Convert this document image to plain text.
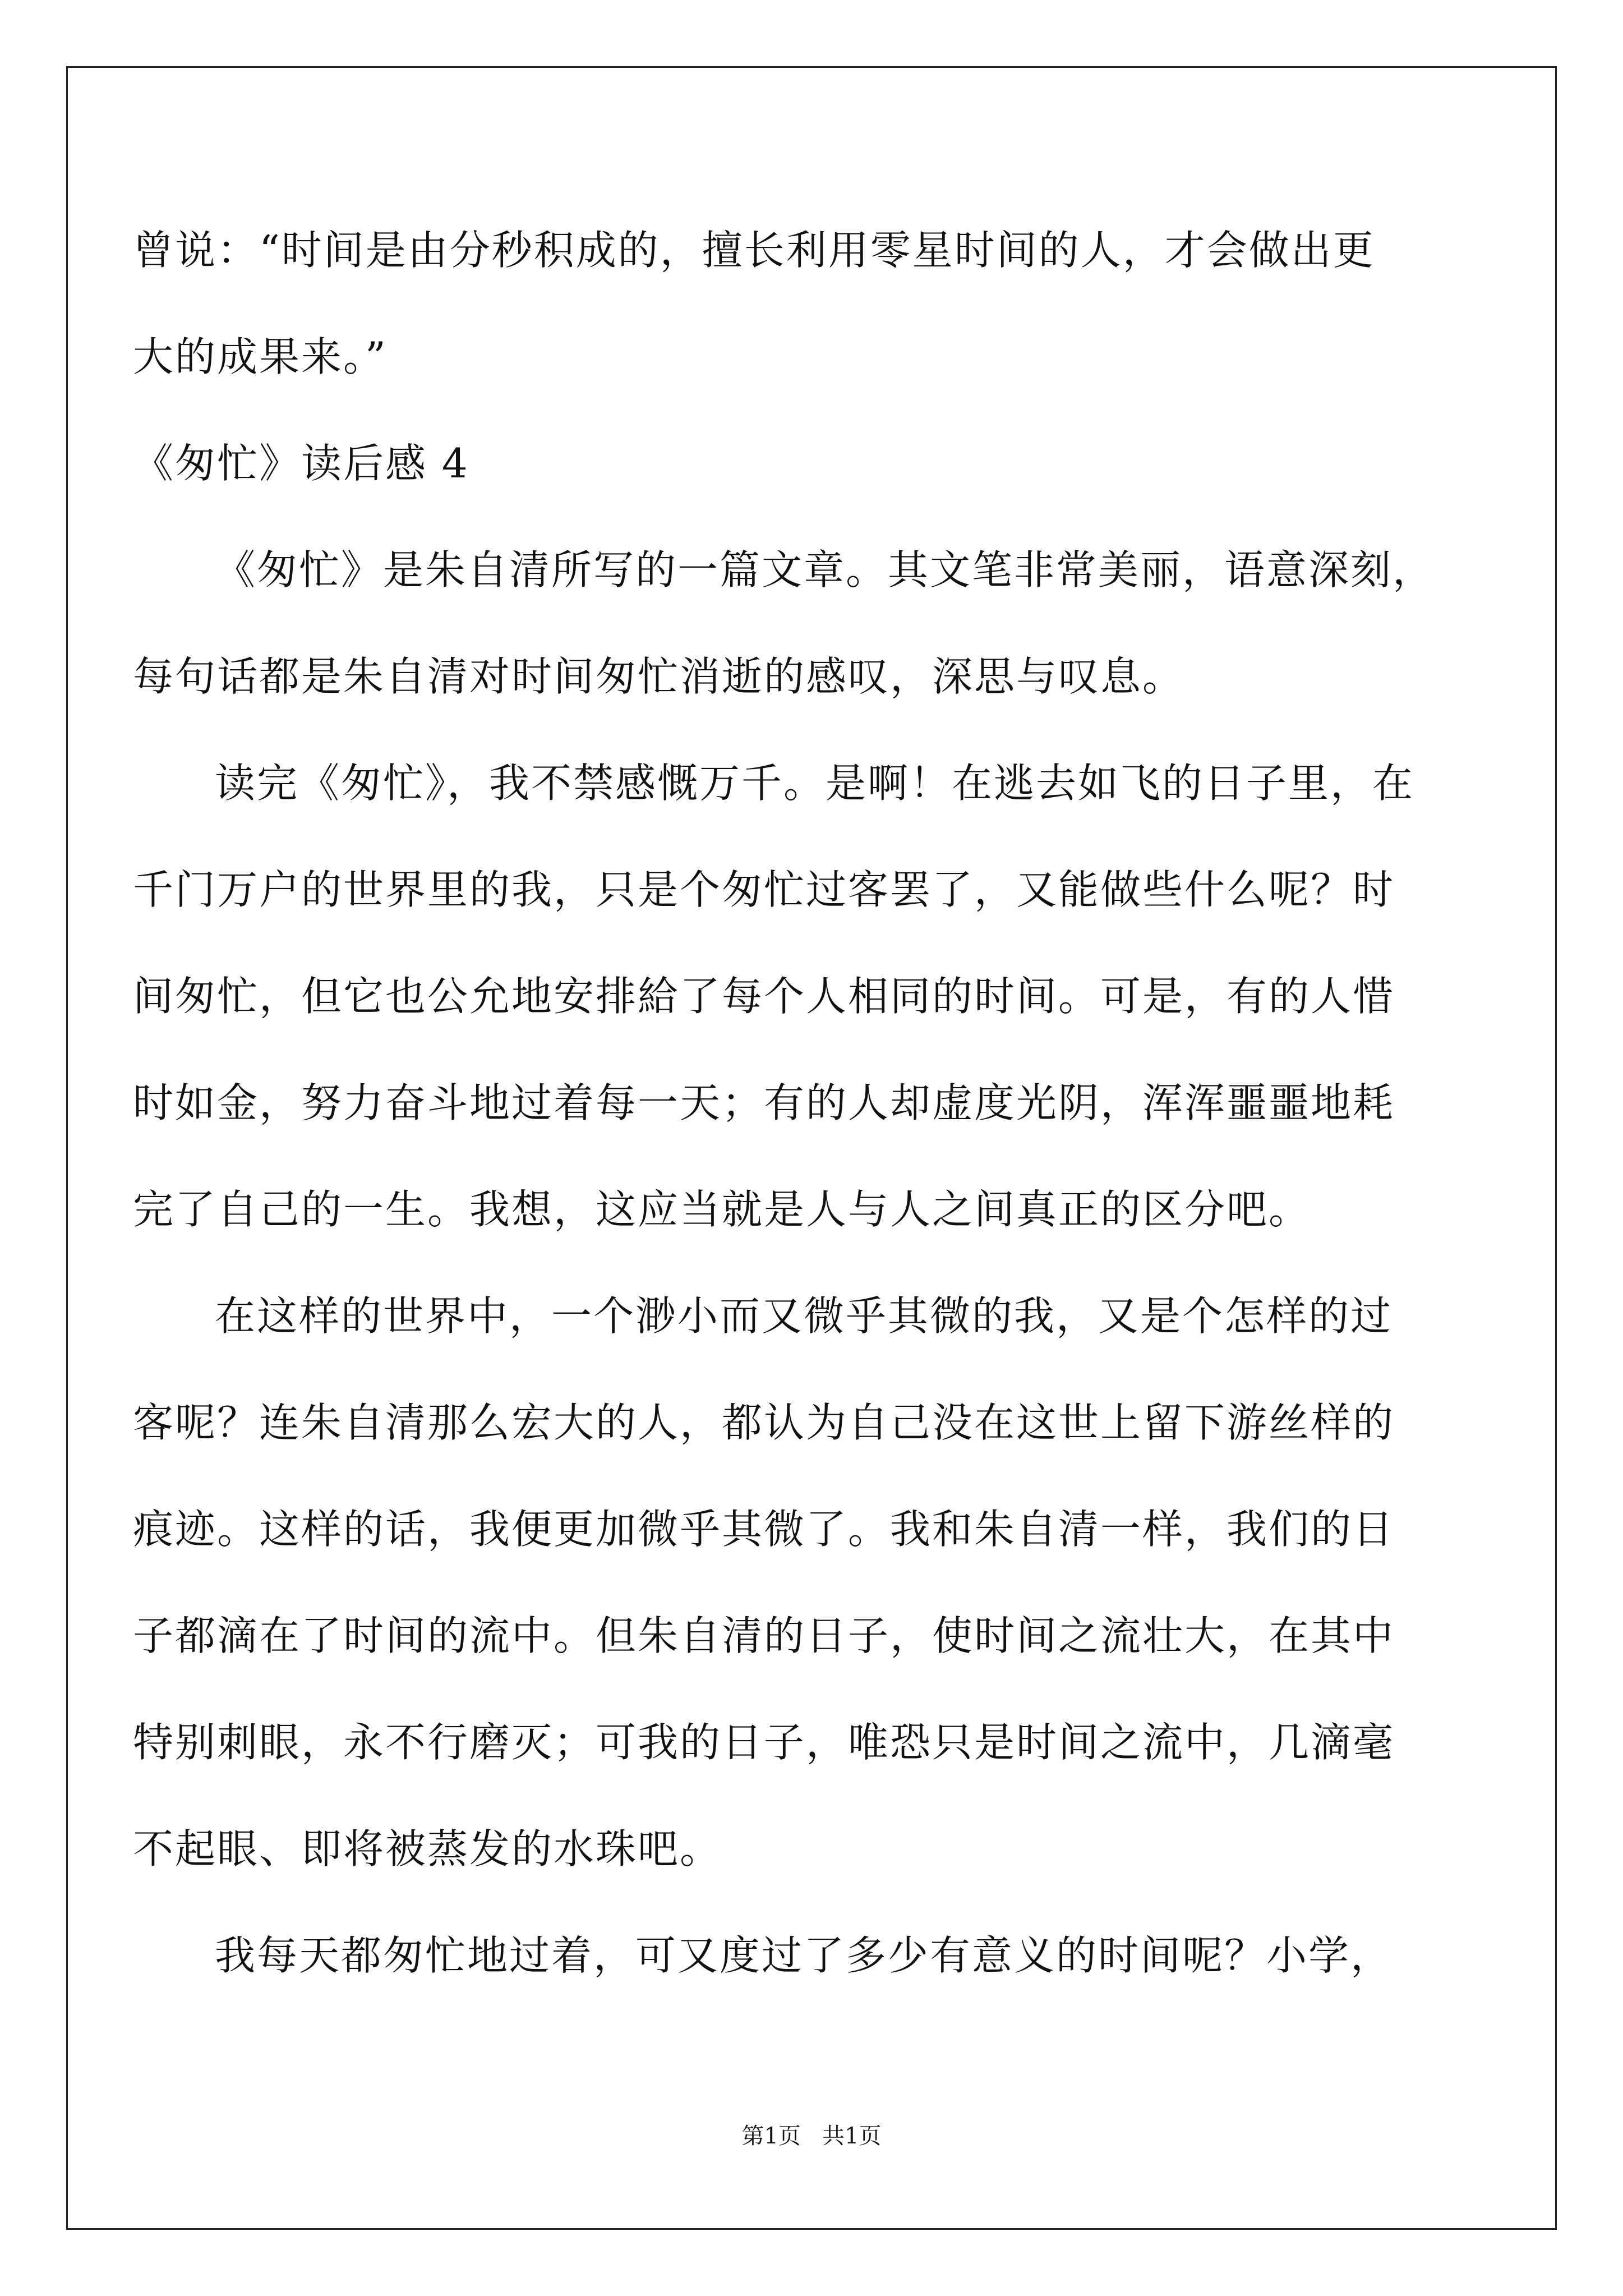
曾说：“时间是由分秒积成的，擅长利用零星时间的人，才会做出更
大的成果来。”
《匆忙》读后感 4
《匆忙》是朱自清所写的一篇文章。其文笔非常美丽，语意深刻，
每句话都是朱自清对时间匆忙消逝的感叹，深思与叹息。
读完《匆忙》，我不禁感慨万千。是啊！在逃去如飞的日子里，在
千门万户的世界里的我，只是个匆忙过客罢了，又能做些什么呢？时
间匆忙，但它也公允地安排給了每个人相同的时间。可是，有的人惜
时如金，努力奋斗地过着每一天；有的人却虚度光阴，浑浑噩噩地耗
完了自己的一生。我想，这应当就是人与人之间真正的区分吧。
在这样的世界中，一个渺小而又微乎其微的我，又是个怎样的过
客呢？连朱自清那么宏大的人，都认为自己没在这世上留下游丝样的
痕迹。这样的话，我便更加微乎其微了。我和朱自清一样，我们的日
子都滴在了时间的流中。但朱自清的日子，使时间之流壮大，在其中
特别刺眼，永不行磨灭；可我的日子，唯恐只是时间之流中，几滴毫
不起眼、即将被蒸发的水珠吧。
我每天都匆忙地过着，可又度过了多少有意义的时间呢？小学，
第1页   共1页
